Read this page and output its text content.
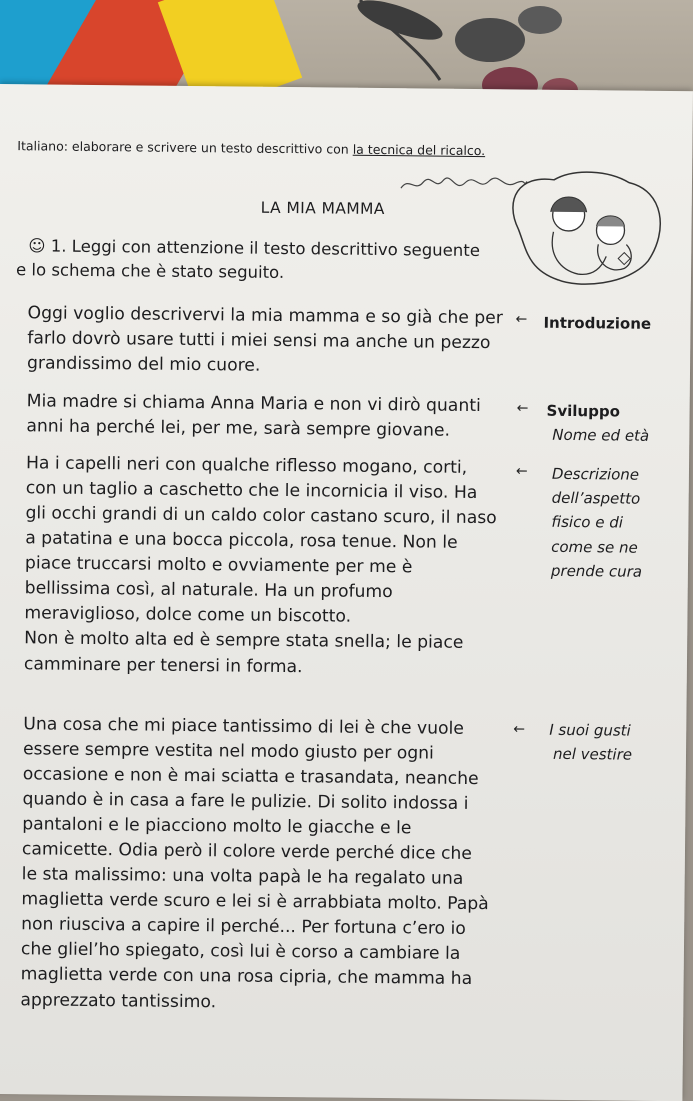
Italiano: elaborare e scrivere un testo descrittivo con la tecnica del ricalco.
LA MIA MAMMA
☺ 1. Leggi con attenzione il testo descrittivo seguente
e lo schema che è stato seguito.
Oggi voglio descrivervi la mia mamma e so già che per
farlo dovrò usare tutti i miei sensi ma anche un pezzo
grandissimo del mio cuore.
← Introduzione
Mia madre si chiama Anna Maria e non vi dirò quanti
anni ha perché lei, per me, sarà sempre giovane.
← Sviluppo
Nome ed età
Ha i capelli neri con qualche riflesso mogano, corti,
con un taglio a caschetto che le incornicia il viso. Ha
gli occhi grandi di un caldo color castano scuro, il naso
a patatina e una bocca piccola, rosa tenue. Non le
piace truccarsi molto e ovviamente per me è
bellissima così, al naturale. Ha un profumo
meraviglioso, dolce come un biscotto.
Non è molto alta ed è sempre stata snella; le piace
camminare per tenersi in forma.
← Descrizione
dell’aspetto
fisico e di
come se ne
prende cura
Una cosa che mi piace tantissimo di lei è che vuole
essere sempre vestita nel modo giusto per ogni
occasione e non è mai sciatta e trasandata, neanche
quando è in casa a fare le pulizie. Di solito indossa i
pantaloni e le piacciono molto le giacche e le
camicette. Odia però il colore verde perché dice che
le sta malissimo: una volta papà le ha regalato una
maglietta verde scuro e lei si è arrabbiata molto. Papà
non riusciva a capire il perché... Per fortuna c’ero io
che gliel’ho spiegato, così lui è corso a cambiare la
maglietta verde con una rosa cipria, che mamma ha
apprezzato tantissimo.
← I suoi gusti
nel vestire
